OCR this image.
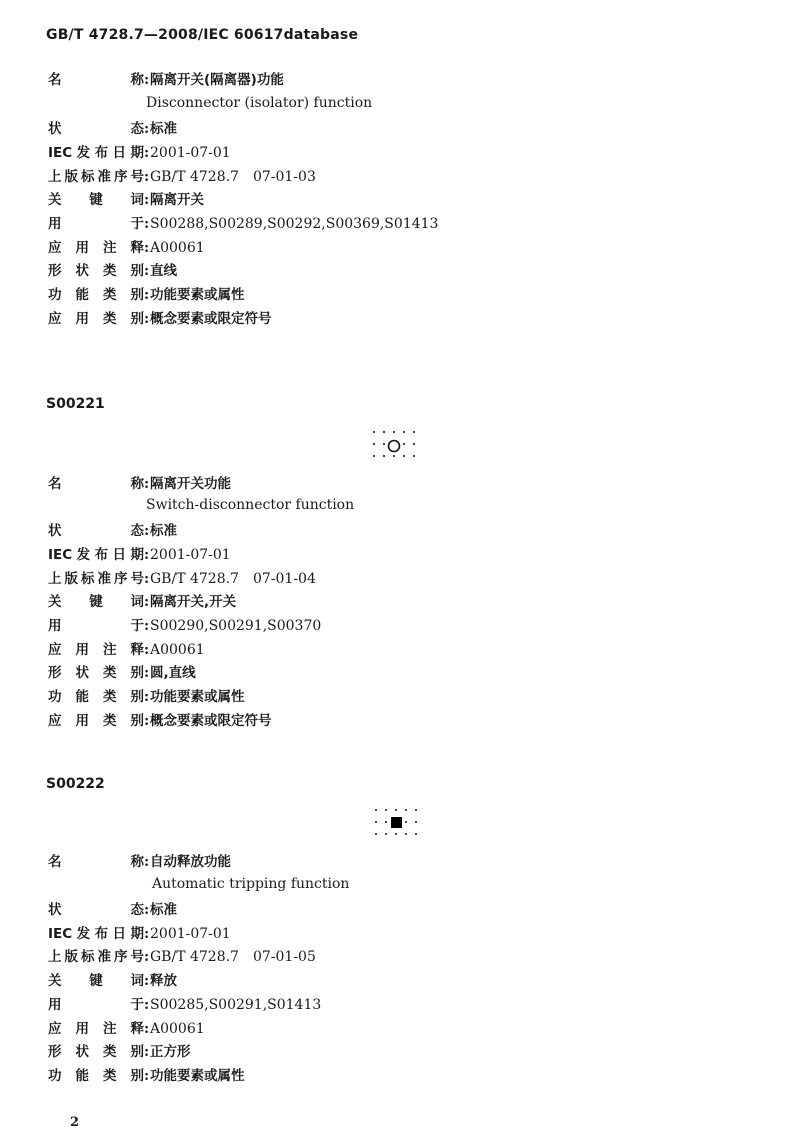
GB/T 4728.7—2008/IEC 60617database
名 称:隔离开关(隔离器)功能
Disconnector (isolator) function
状 态:标准
IEC发布日期:2001-07-01
上版标准序号:GB/T 4728.7　07-01-03
关 键 词:隔离开关
用 于:S00288,S00289,S00292,S00369,S01413
应用注释:A00061
形状类别:直线
功能类别:功能要素或属性
应用类别:概念要素或限定符号
S00221
名 称:隔离开关功能
Switch-disconnector function
状 态:标准
IEC发布日期:2001-07-01
上版标准序号:GB/T 4728.7　07-01-04
关 键 词:隔离开关,开关
用 于:S00290,S00291,S00370
应用注释:A00061
形状类别:圆,直线
功能类别:功能要素或属性
应用类别:概念要素或限定符号
S00222
名 称:自动释放功能
Automatic tripping function
状 态:标准
IEC发布日期:2001-07-01
上版标准序号:GB/T 4728.7　07-01-05
关 键 词:释放
用 于:S00285,S00291,S01413
应用注释:A00061
形状类别:正方形
功能类别:功能要素或属性
2
